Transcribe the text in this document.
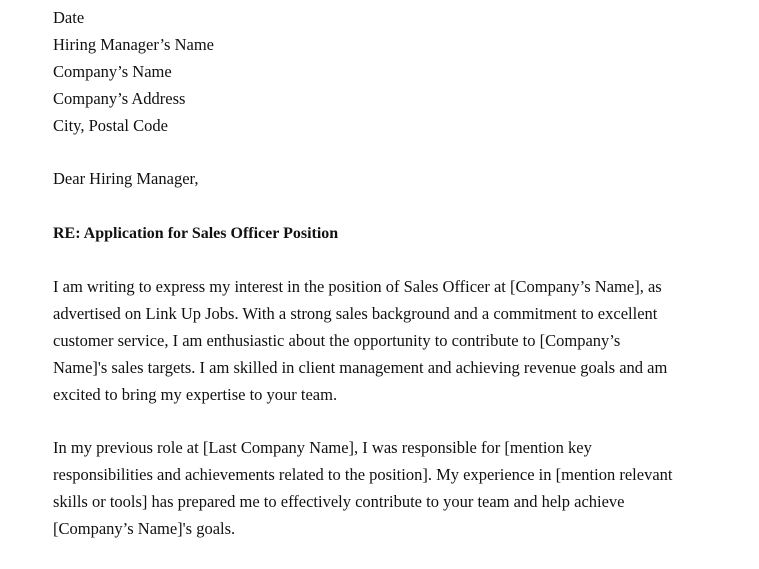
Date
Hiring Manager’s Name
Company’s Name
Company’s Address
City, Postal Code
Dear Hiring Manager,
RE: Application for Sales Officer Position

I am writing to express my interest in the position of Sales Officer at [Company’s Name], as
advertised on Link Up Jobs. With a strong sales background and a commitment to excellent
customer service, I am enthusiastic about the opportunity to contribute to [Company’s
Name]'s sales targets. I am skilled in client management and achieving revenue goals and am
excited to bring my expertise to your team.

In my previous role at [Last Company Name], I was responsible for [mention key
responsibilities and achievements related to the position]. My experience in [mention relevant
skills or tools] has prepared me to effectively contribute to your team and help achieve
[Company’s Name]'s goals.
